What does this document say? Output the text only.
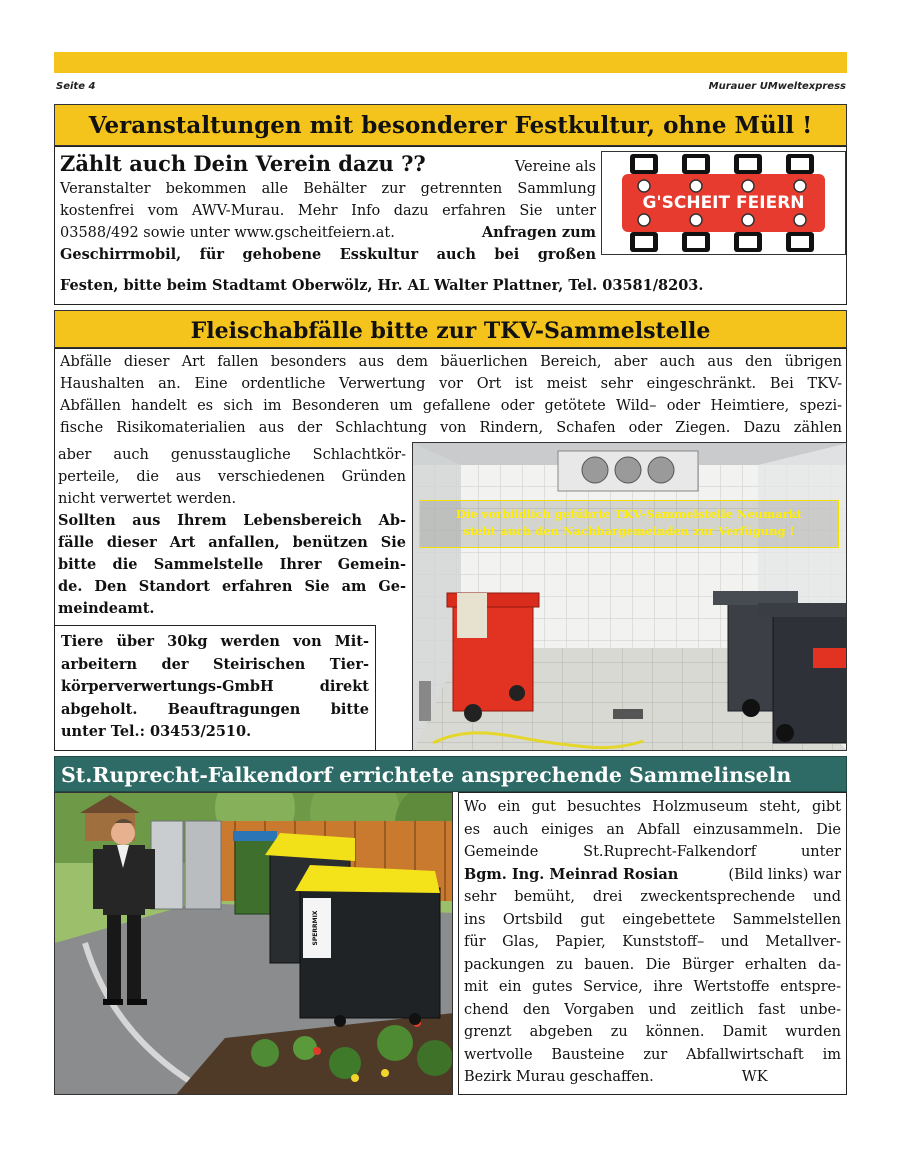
Seite 4	Murauer UMweltexpress
Veranstaltungen mit besonderer Festkultur, ohne Müll !
Zählt auch Dein Verein dazu ??	Vereine als
Veranstalter bekommen alle Behälter zur getrennten Sammlung
kostenfrei vom AWV-Murau. Mehr Info dazu erfahren Sie unter
03588/492 sowie unter www.gscheitfeiern.at.	Anfragen zum
Geschirrmobil, für gehobene Esskultur auch bei großen
Festen, bitte beim Stadtamt Oberwölz, Hr. AL Walter Plattner, Tel. 03581/8203.
G'SCHEIT FEIERN
Fleischabfälle bitte zur TKV-Sammelstelle
Abfälle dieser Art fallen besonders aus dem bäuerlichen Bereich, aber auch aus den übrigen
Haushalten an. Eine ordentliche Verwertung vor Ort ist meist sehr eingeschränkt. Bei TKV-
Abfällen handelt es sich im Besonderen um gefallene oder getötete Wild– oder Heimtiere, spezi-
fische Risikomaterialien aus der Schlachtung von Rindern, Schafen oder Ziegen. Dazu zählen
aber auch genusstaugliche Schlachtkör-
perteile, die aus verschiedenen Gründen
nicht verwertet werden.
Sollten aus Ihrem Lebensbereich Ab-
fälle dieser Art anfallen, benützen Sie
bitte die Sammelstelle Ihrer Gemein-
de. Den Standort erfahren Sie am Ge-
meindeamt.
Tiere über 30kg werden von Mit-
arbeitern der Steirischen Tier-
körperverwertungs-GmbH direkt
abgeholt. Beauftragungen bitte
unter Tel.: 03453/2510.
Die vorbildlich geführte TKV-Sammelstelle Neumarkt
steht auch den Nachbargemeinden zur Verfügung !
St.Ruprecht-Falkendorf errichtete ansprechende Sammelinseln
SPERRMIX
Wo ein gut besuchtes Holzmuseum steht, gibt
es auch einiges an Abfall einzusammeln. Die
Gemeinde St.Ruprecht-Falkendorf unter
Bgm. Ing. Meinrad Rosian	(Bild links) war
sehr bemüht, drei zweckentsprechende und
ins Ortsbild gut eingebettete Sammelstellen
für Glas, Papier, Kunststoff– und Metallver-
packungen zu bauen. Die Bürger erhalten da-
mit ein gutes Service, ihre Wertstoffe entspre-
chend den Vorgaben und zeitlich fast unbe-
grenzt abgeben zu können. Damit wurden
wertvolle Bausteine zur Abfallwirtschaft im
Bezirk Murau geschaffen.	WK
